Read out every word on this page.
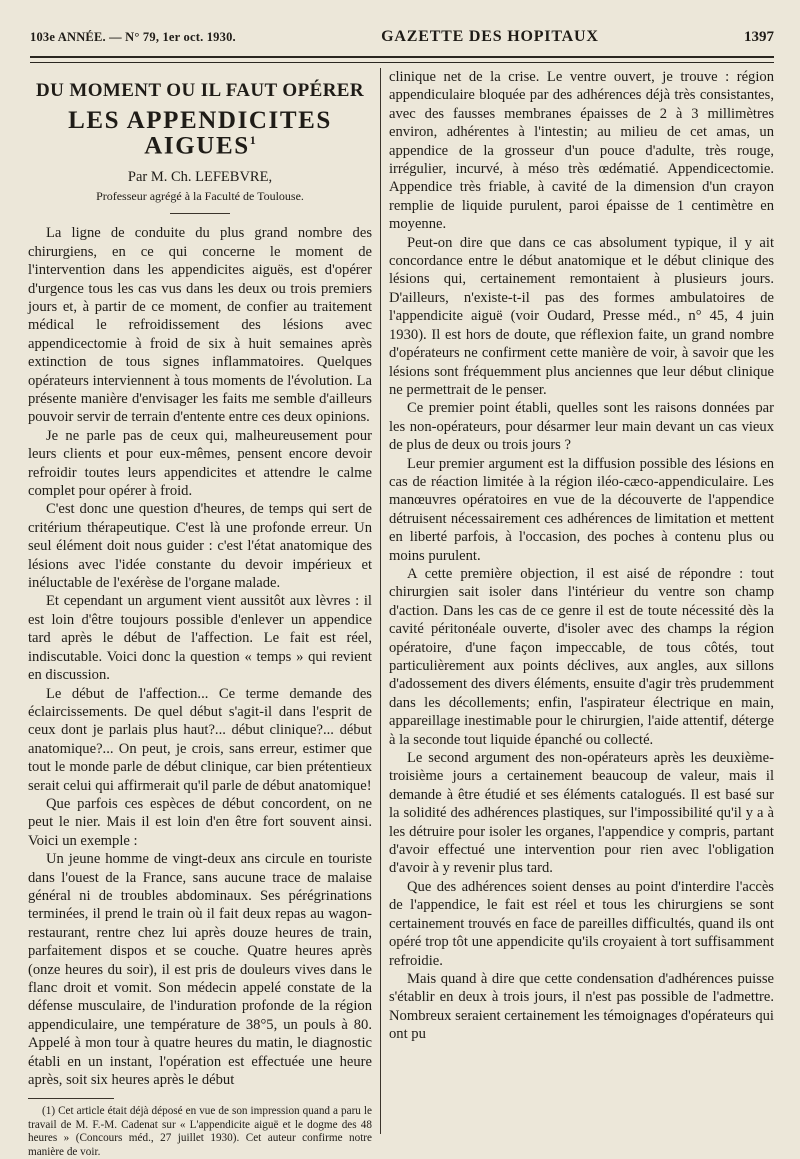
103e ANNÉE. — N° 79, 1er oct. 1930.	GAZETTE DES HOPITAUX	1397
DU MOMENT OU IL FAUT OPÉRER
LES APPENDICITES AIGUES$^1$
Par M. Ch. LEFEBVRE,
Professeur agrégé à la Faculté de Toulouse.

La ligne de conduite du plus grand nombre des chirurgiens, en ce qui concerne le moment de l'intervention dans les appendicites aiguës, est d'opérer d'urgence tous les cas vus dans les deux ou trois premiers jours et, à partir de ce moment, de confier au traitement médical le refroidissement des lésions avec appendicectomie à froid de six à huit semaines après extinction de tous signes inflammatoires. Quelques opérateurs interviennent à tous moments de l'évolution. La présente manière d'envisager les faits me semble d'ailleurs pouvoir servir de terrain d'entente entre ces deux opinions.

Je ne parle pas de ceux qui, malheureusement pour leurs clients et pour eux-mêmes, pensent encore devoir refroidir toutes leurs appendicites et attendre le calme complet pour opérer à froid.

C'est donc une question d'heures, de temps qui sert de critérium thérapeutique. C'est là une profonde erreur. Un seul élément doit nous guider : c'est l'état anatomique des lésions avec l'idée constante du devoir impérieux et inéluctable de l'exérèse de l'organe malade.

Et cependant un argument vient aussitôt aux lèvres : il est loin d'être toujours possible d'enlever un appendice tard après le début de l'affection. Le fait est réel, indiscutable. Voici donc la question « temps » qui revient en discussion.

Le début de l'affection... Ce terme demande des éclaircissements. De quel début s'agit-il dans l'esprit de ceux dont je parlais plus haut?... début clinique?... début anatomique?... On peut, je crois, sans erreur, estimer que tout le monde parle de début clinique, car bien prétentieux serait celui qui affirmerait qu'il parle de début anatomique!

Que parfois ces espèces de début concordent, on ne peut le nier. Mais il est loin d'en être fort souvent ainsi. Voici un exemple :

Un jeune homme de vingt-deux ans circule en touriste dans l'ouest de la France, sans aucune trace de malaise général ni de troubles abdominaux. Ses pérégrinations terminées, il prend le train où il fait deux repas au wagon-restaurant, rentre chez lui après douze heures de train, parfaitement dispos et se couche. Quatre heures après (onze heures du soir), il est pris de douleurs vives dans le flanc droit et vomit. Son médecin appelé constate de la défense musculaire, de l'induration profonde de la région appendiculaire, une température de 38°5, un pouls à 80. Appelé à mon tour à quatre heures du matin, le diagnostic établi en un instant, l'opération est effectuée une heure après, soit six heures après le début

(1) Cet article était déjà déposé en vue de son impression quand a paru le travail de M. F.-M. Cadenat sur « L'appendicite aiguë et le dogme des 48 heures » (Concours méd., 27 juillet 1930). Cet auteur confirme notre manière de voir.

clinique net de la crise. Le ventre ouvert, je trouve : région appendiculaire bloquée par des adhérences déjà très consistantes, avec des fausses membranes épaisses de 2 à 3 millimètres environ, adhérentes à l'intestin; au milieu de cet amas, un appendice de la grosseur d'un pouce d'adulte, très rouge, irrégulier, incurvé, à méso très œdématié. Appendicectomie. Appendice très friable, à cavité de la dimension d'un crayon remplie de liquide purulent, paroi épaisse de 1 centimètre en moyenne.

Peut-on dire que dans ce cas absolument typique, il y ait concordance entre le début anatomique et le début clinique des lésions qui, certainement remontaient à plusieurs jours. D'ailleurs, n'existe-t-il pas des formes ambulatoires de l'appendicite aiguë (voir Oudard, Presse méd., n° 45, 4 juin 1930). Il est hors de doute, que réflexion faite, un grand nombre d'opérateurs ne confirment cette manière de voir, à savoir que les lésions sont fréquemment plus anciennes que leur début clinique ne permettrait de le penser.

Ce premier point établi, quelles sont les raisons données par les non-opérateurs, pour désarmer leur main devant un cas vieux de plus de deux ou trois jours ?

Leur premier argument est la diffusion possible des lésions en cas de réaction limitée à la région iléo-cæco-appendiculaire. Les manœuvres opératoires en vue de la découverte de l'appendice détruisent nécessairement ces adhérences de limitation et mettent en liberté parfois, à l'occasion, des poches à contenu plus ou moins purulent.

A cette première objection, il est aisé de répondre : tout chirurgien sait isoler dans l'intérieur du ventre son champ d'action. Dans les cas de ce genre il est de toute nécessité dès la cavité péritonéale ouverte, d'isoler avec des champs la région opératoire, d'une façon impeccable, de tous côtés, tout particulièrement aux points déclives, aux angles, aux sillons d'adossement des divers éléments, ensuite d'agir très prudemment dans les décollements; enfin, l'aspirateur électrique en main, appareillage inestimable pour le chirurgien, l'aide attentif, déterge à la seconde tout liquide épanché ou collecté.

Le second argument des non-opérateurs après les deuxième-troisième jours a certainement beaucoup de valeur, mais il demande à être étudié et ses éléments catalogués. Il est basé sur la solidité des adhérences plastiques, sur l'impossibilité qu'il y a à les détruire pour isoler les organes, l'appendice y compris, partant d'avoir effectué une intervention pour rien avec l'obligation d'avoir à y revenir plus tard.

Que des adhérences soient denses au point d'interdire l'accès de l'appendice, le fait est réel et tous les chirurgiens se sont certainement trouvés en face de pareilles difficultés, quand ils ont opéré trop tôt une appendicite qu'ils croyaient à tort suffisamment refroidie.

Mais quand à dire que cette condensation d'adhérences puisse s'établir en deux à trois jours, il n'est pas possible de l'admettre. Nombreux seraient certainement les témoignages d'opérateurs qui ont pu
